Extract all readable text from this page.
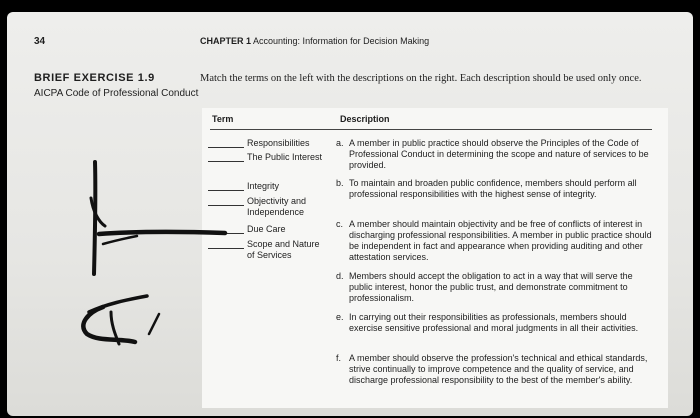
34	CHAPTER 1 Accounting: Information for Decision Making
BRIEF EXERCISE 1.9
AICPA Code of Professional Conduct
Match the terms on the left with the descriptions on the right. Each description should be used only once.
Term	Description
Responsibilities
The Public Interest
Integrity
Objectivity and Independence
Due Care
Scope and Nature of Services
a. A member in public practice should observe the Principles of the Code of Professional Conduct in determining the scope and nature of services to be provided.
b. To maintain and broaden public confidence, members should perform all professional responsibilities with the highest sense of integrity.
c. A member should maintain objectivity and be free of conflicts of interest in discharging professional responsibilities. A member in public practice should be independent in fact and appearance when providing auditing and other attestation services.
d. Members should accept the obligation to act in a way that will serve the public interest, honor the public trust, and demonstrate commitment to professionalism.
e. In carrying out their responsibilities as professionals, members should exercise sensitive professional and moral judgments in all their activities.
f. A member should observe the profession's technical and ethical standards, strive continually to improve competence and the quality of service, and discharge professional responsibility to the best of the member's ability.
